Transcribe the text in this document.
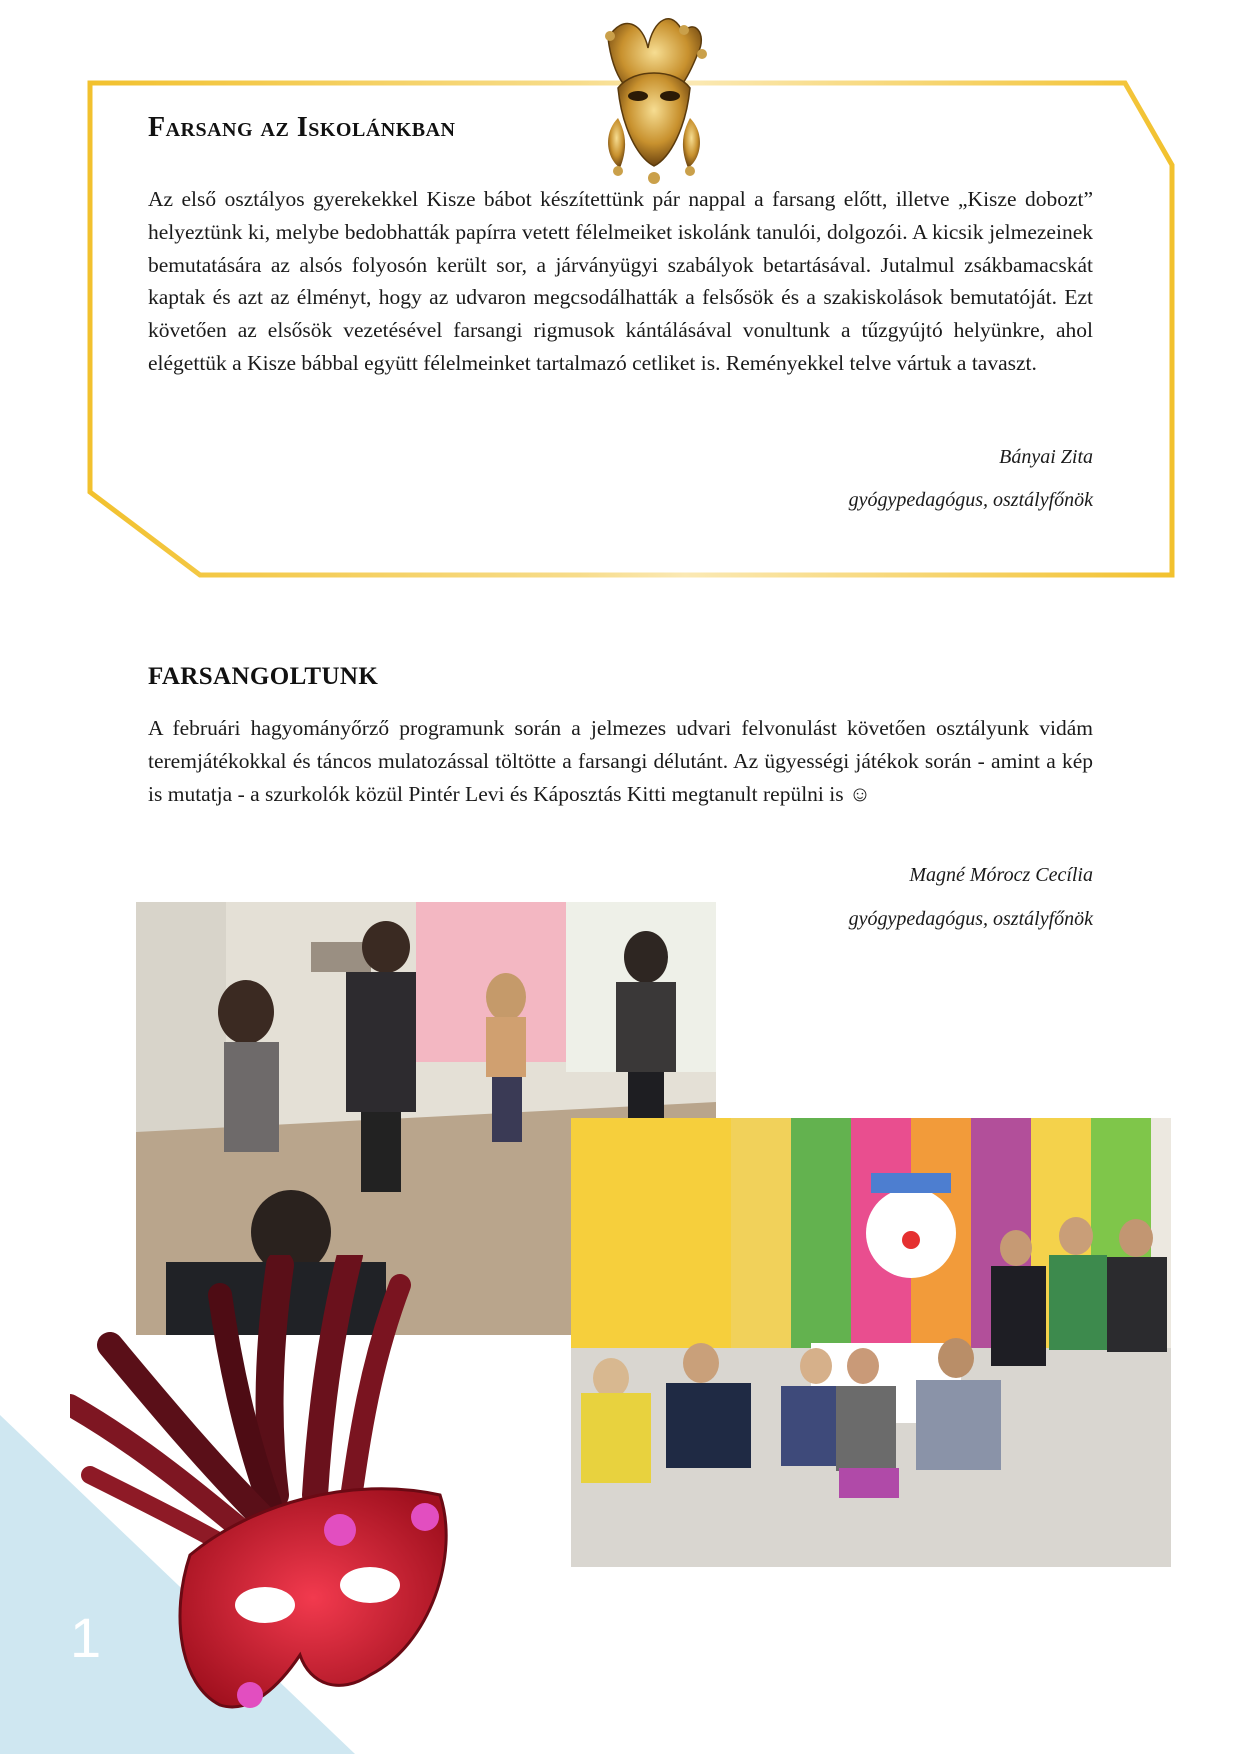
Farsang az Iskolánkban

Az első osztályos gyerekekkel Kisze bábot készítettünk pár nappal a farsang előtt, illetve „Kisze dobozt” helyeztünk ki, melybe bedobhatták papírra vetett félelmeiket iskolánk tanulói, dolgozói. A kicsik jelmezeinek bemutatására az alsós folyosón került sor, a járványügyi szabályok betartásával. Jutalmul zsákbamacskát kaptak és azt az élményt, hogy az udvaron megcsodálhatták a felsősök és a szakiskolások bemutatóját. Ezt követően az elsősök vezetésével farsangi rigmusok kántálásával vonultunk a tűzgyújtó helyünkre, ahol elégettük a Kisze bábbal együtt félelmeinket tartalmazó cetliket is. Reményekkel telve vártuk a tavaszt.

Bányai Zita

gyógypedagógus, osztályfőnök

FARSANGOLTUNK

A februári hagyományőrző programunk során a jelmezes udvari felvonulást követően osztályunk vidám teremjátékokkal és táncos mulatozással töltötte a farsangi délutánt. Az ügyességi játékok során - amint a kép is mutatja - a szurkolók közül Pintér Levi és Káposztás Kitti megtanult repülni is ☺

Magné Mórocz Cecília

gyógypedagógus, osztályfőnök

1
